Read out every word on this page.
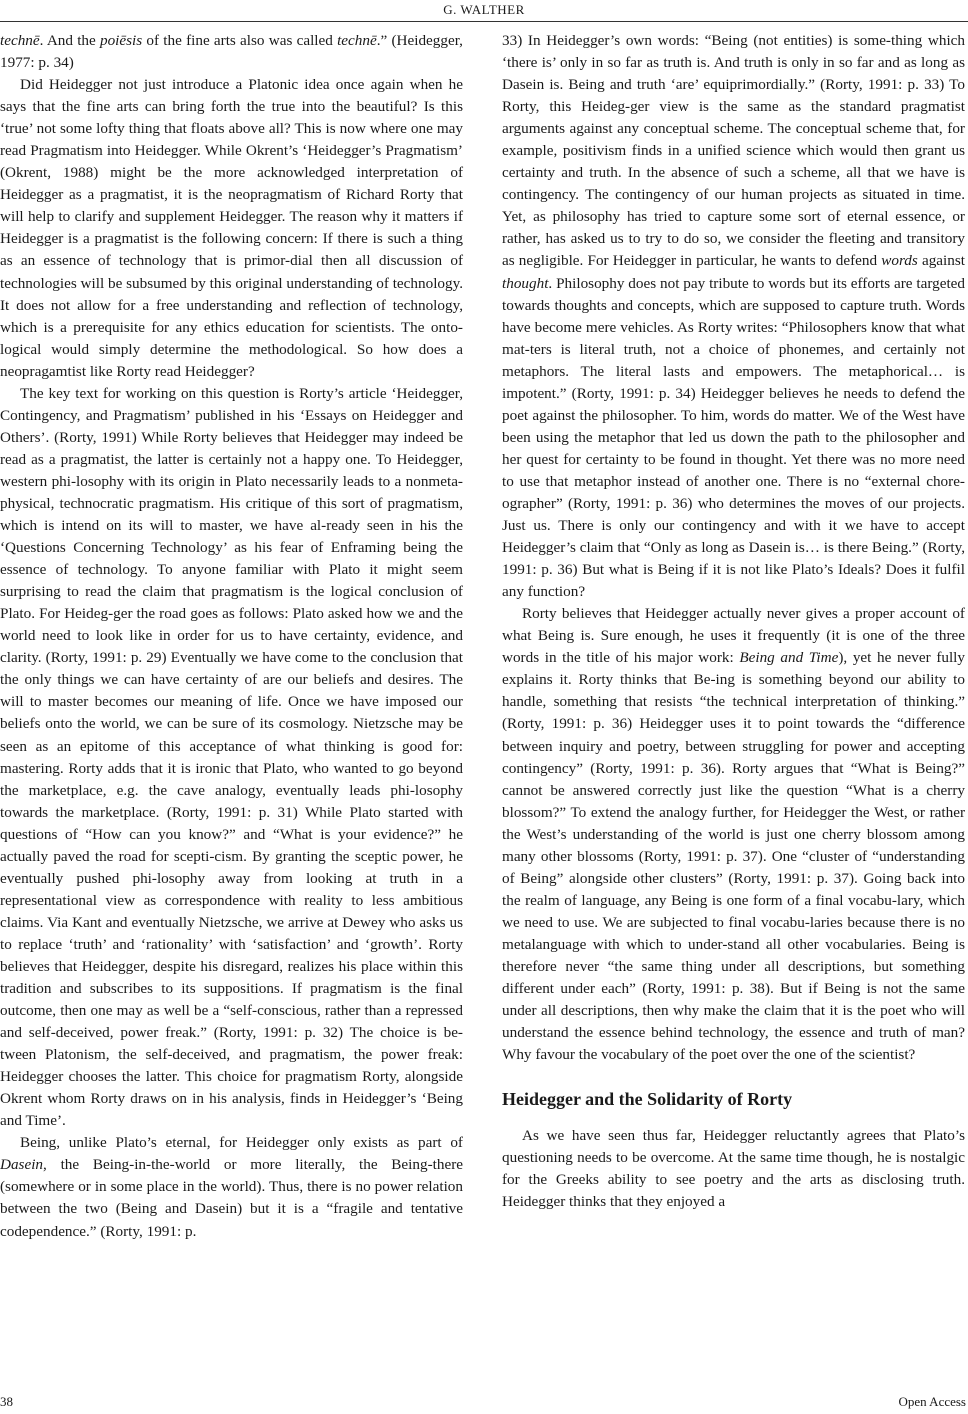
G. WALTHER

technē. And the poiēsis of the fine arts also was called technē.” (Heidegger, 1977: p. 34)

Did Heidegger not just introduce a Platonic idea once again when he says that the fine arts can bring forth the true into the beautiful? Is this ‘true’ not some lofty thing that floats above all? This is now where one may read Pragmatism into Heidegger. While Okrent’s ‘Heidegger’s Pragmatism’ (Okrent, 1988) might be the more acknowledged interpretation of Heidegger as a pragmatist, it is the neopragmatism of Richard Rorty that will help to clarify and supplement Heidegger. The reason why it matters if Heidegger is a pragmatist is the following concern: If there is such a thing as an essence of technology that is primor-dial then all discussion of technologies will be subsumed by this original understanding of technology. It does not allow for a free understanding and reflection of technology, which is a prerequisite for any ethics education for scientists. The onto-logical would simply determine the methodological. So how does a neopragamtist like Rorty read Heidegger?

The key text for working on this question is Rorty’s article ‘Heidegger, Contingency, and Pragmatism’ published in his ‘Essays on Heidegger and Others’. (Rorty, 1991) While Rorty believes that Heidegger may indeed be read as a pragmatist, the latter is certainly not a happy one. To Heidegger, western phi-losophy with its origin in Plato necessarily leads to a nonmeta-physical, technocratic pragmatism. His critique of this sort of pragmatism, which is intend on its will to master, we have al-ready seen in his the ‘Questions Concerning Technology’ as his fear of Enframing being the essence of technology. To anyone familiar with Plato it might seem surprising to read the claim that pragmatism is the logical conclusion of Plato. For Heideg-ger the road goes as follows: Plato asked how we and the world need to look like in order for us to have certainty, evidence, and clarity. (Rorty, 1991: p. 29) Eventually we have come to the conclusion that the only things we can have certainty of are our beliefs and desires. The will to master becomes our meaning of life. Once we have imposed our beliefs onto the world, we can be sure of its cosmology. Nietzsche may be seen as an epitome of this acceptance of what thinking is good for: mastering. Rorty adds that it is ironic that Plato, who wanted to go beyond the marketplace, e.g. the cave analogy, eventually leads phi-losophy towards the marketplace. (Rorty, 1991: p. 31) While Plato started with questions of “How can you know?” and “What is your evidence?” he actually paved the road for scepti-cism. By granting the sceptic power, he eventually pushed phi-losophy away from looking at truth in a representational view as correspondence with reality to less ambitious claims. Via Kant and eventually Nietzsche, we arrive at Dewey who asks us to replace ‘truth’ and ‘rationality’ with ‘satisfaction’ and ‘growth’. Rorty believes that Heidegger, despite his disregard, realizes his place within this tradition and subscribes to its suppositions. If pragmatism is the final outcome, then one may as well be a “self-conscious, rather than a repressed and self-deceived, power freak.” (Rorty, 1991: p. 32) The choice is be-tween Platonism, the self-deceived, and pragmatism, the power freak: Heidegger chooses the latter. This choice for pragmatism Rorty, alongside Okrent whom Rorty draws on in his analysis, finds in Heidegger’s ‘Being and Time’.

Being, unlike Plato’s eternal, for Heidegger only exists as part of Dasein, the Being-in-the-world or more literally, the Being-there (somewhere or in some place in the world). Thus, there is no power relation between the two (Being and Dasein) but it is a “fragile and tentative codependence.” (Rorty, 1991: p.

33) In Heidegger’s own words: “Being (not entities) is some-thing which ‘there is’ only in so far as truth is. And truth is only in so far and as long as Dasein is. Being and truth ‘are’ equiprimordially.” (Rorty, 1991: p. 33) To Rorty, this Heideg-ger view is the same as the standard pragmatist arguments against any conceptual scheme. The conceptual scheme that, for example, positivism finds in a unified science which would then grant us certainty and truth. In the absence of such a scheme, all that we have is contingency. The contingency of our human projects as situated in time. Yet, as philosophy has tried to capture some sort of eternal essence, or rather, has asked us to try to do so, we consider the fleeting and transitory as negligible. For Heidegger in particular, he wants to defend words against thought. Philosophy does not pay tribute to words but its efforts are targeted towards thoughts and concepts, which are supposed to capture truth. Words have become mere vehicles. As Rorty writes: “Philosophers know that what mat-ters is literal truth, not a choice of phonemes, and certainly not metaphors. The literal lasts and empowers. The metaphorical… is impotent.” (Rorty, 1991: p. 34) Heidegger believes he needs to defend the poet against the philosopher. To him, words do matter. We of the West have been using the metaphor that led us down the path to the philosopher and her quest for certainty to be found in thought. Yet there was no more need to use that metaphor instead of another one. There is no “external chore-ographer” (Rorty, 1991: p. 36) who determines the moves of our projects. Just us. There is only our contingency and with it we have to accept Heidegger’s claim that “Only as long as Dasein is… is there Being.” (Rorty, 1991: p. 36) But what is Being if it is not like Plato’s Ideals? Does it fulfil any function?

Rorty believes that Heidegger actually never gives a proper account of what Being is. Sure enough, he uses it frequently (it is one of the three words in the title of his major work: Being and Time), yet he never fully explains it. Rorty thinks that Be-ing is something beyond our ability to handle, something that resists “the technical interpretation of thinking.” (Rorty, 1991: p. 36) Heidegger uses it to point towards the “difference between inquiry and poetry, between struggling for power and accepting contingency” (Rorty, 1991: p. 36). Rorty argues that “What is Being?” cannot be answered correctly just like the question “What is a cherry blossom?” To extend the analogy further, for Heidegger the West, or rather the West’s understanding of the world is just one cherry blossom among many other blossoms (Rorty, 1991: p. 37). One “cluster of “understanding of Being” alongside other clusters” (Rorty, 1991: p. 37). Going back into the realm of language, any Being is one form of a final vocabu-lary, which we need to use. We are subjected to final vocabu-laries because there is no metalanguage with which to under-stand all other vocabularies. Being is therefore never “the same thing under all descriptions, but something different under each” (Rorty, 1991: p. 38). But if Being is not the same under all descriptions, then why make the claim that it is the poet who will understand the essence behind technology, the essence and truth of man? Why favour the vocabulary of the poet over the one of the scientist?

Heidegger and the Solidarity of Rorty

As we have seen thus far, Heidegger reluctantly agrees that Plato’s questioning needs to be overcome. At the same time though, he is nostalgic for the Greeks ability to see poetry and the arts as disclosing truth. Heidegger thinks that they enjoyed a

38	Open Access
